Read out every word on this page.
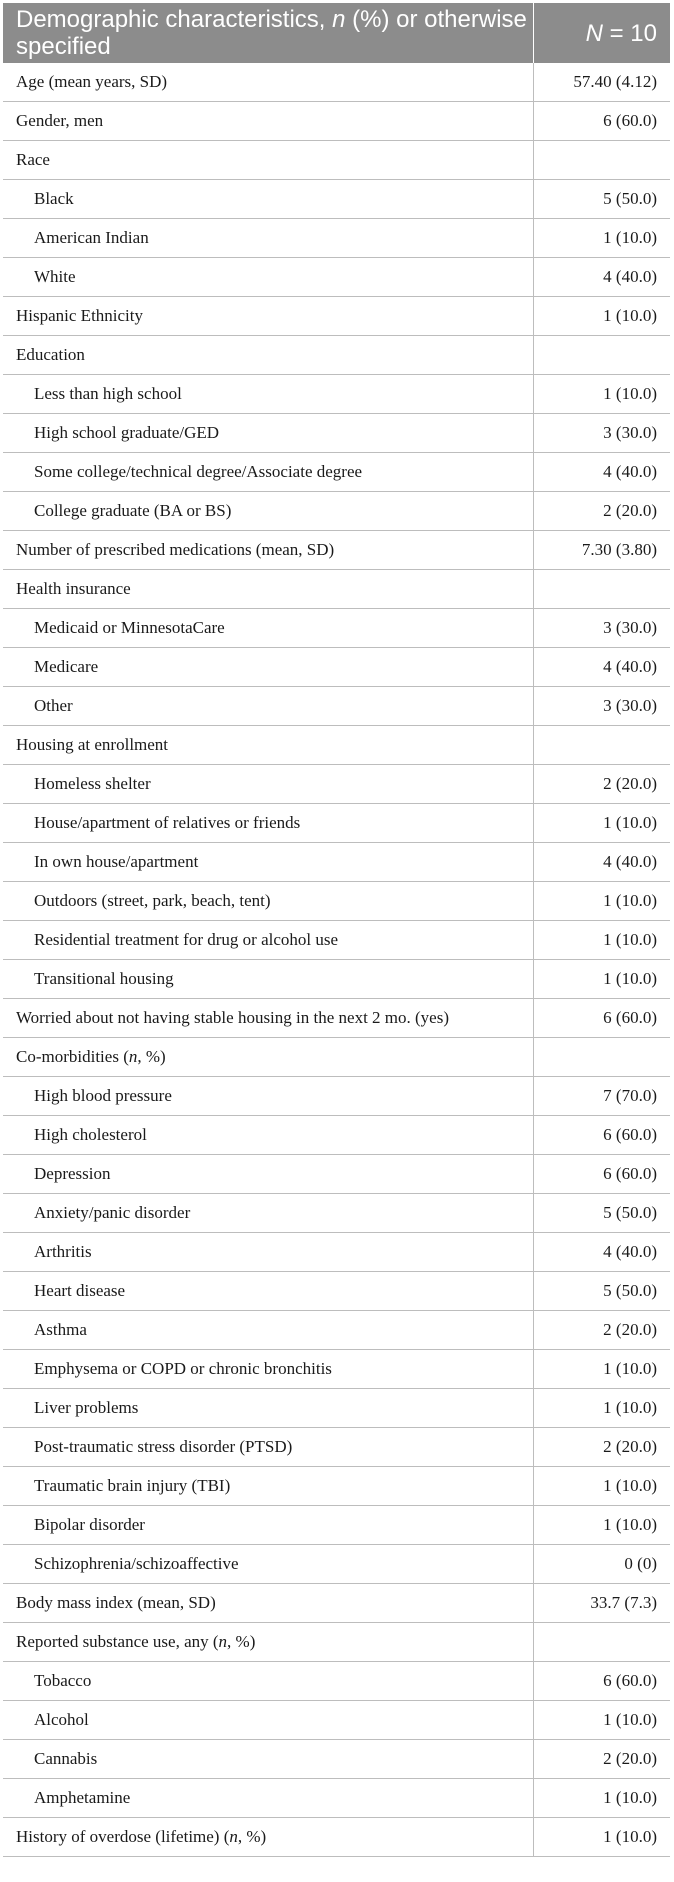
Demographic characteristics, n (%) or otherwise specified	N = 10
Age (mean years, SD)	57.40 (4.12)
Gender, men	6 (60.0)
Race	
Black	5 (50.0)
American Indian	1 (10.0)
White	4 (40.0)
Hispanic Ethnicity	1 (10.0)
Education	
Less than high school	1 (10.0)
High school graduate/GED	3 (30.0)
Some college/technical degree/Associate degree	4 (40.0)
College graduate (BA or BS)	2 (20.0)
Number of prescribed medications (mean, SD)	7.30 (3.80)
Health insurance	
Medicaid or MinnesotaCare	3 (30.0)
Medicare	4 (40.0)
Other	3 (30.0)
Housing at enrollment	
Homeless shelter	2 (20.0)
House/apartment of relatives or friends	1 (10.0)
In own house/apartment	4 (40.0)
Outdoors (street, park, beach, tent)	1 (10.0)
Residential treatment for drug or alcohol use	1 (10.0)
Transitional housing	1 (10.0)
Worried about not having stable housing in the next 2 mo. (yes)	6 (60.0)
Co-morbidities (n, %)	
High blood pressure	7 (70.0)
High cholesterol	6 (60.0)
Depression	6 (60.0)
Anxiety/panic disorder	5 (50.0)
Arthritis	4 (40.0)
Heart disease	5 (50.0)
Asthma	2 (20.0)
Emphysema or COPD or chronic bronchitis	1 (10.0)
Liver problems	1 (10.0)
Post-traumatic stress disorder (PTSD)	2 (20.0)
Traumatic brain injury (TBI)	1 (10.0)
Bipolar disorder	1 (10.0)
Schizophrenia/schizoaffective	0 (0)
Body mass index (mean, SD)	33.7 (7.3)
Reported substance use, any (n, %)	
Tobacco	6 (60.0)
Alcohol	1 (10.0)
Cannabis	2 (20.0)
Amphetamine	1 (10.0)
History of overdose (lifetime) (n, %)	1 (10.0)
